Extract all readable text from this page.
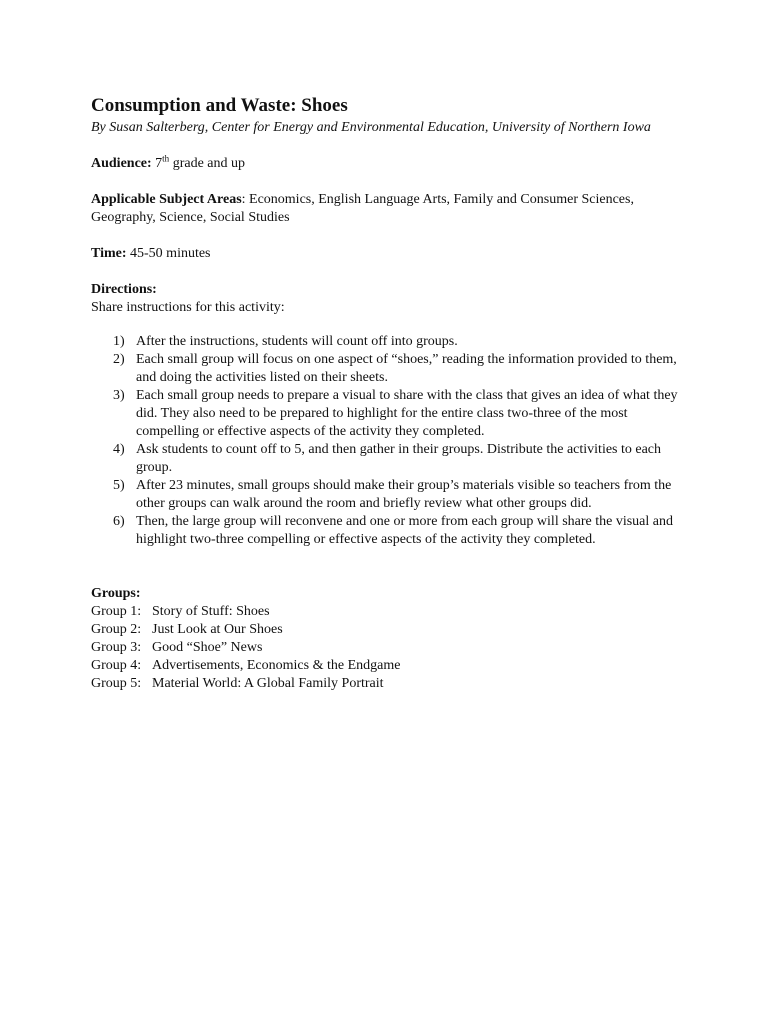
Consumption and Waste: Shoes

By Susan Salterberg, Center for Energy and Environmental Education, University of Northern Iowa

Audience: 7th grade and up

Applicable Subject Areas: Economics, English Language Arts, Family and Consumer Sciences, Geography, Science, Social Studies

Time: 45-50 minutes

Directions:

Share instructions for this activity:

1) After the instructions, students will count off into groups.
2) Each small group will focus on one aspect of “shoes,” reading the information provided to them, and doing the activities listed on their sheets.
3) Each small group needs to prepare a visual to share with the class that gives an idea of what they did. They also need to be prepared to highlight for the entire class two-three of the most compelling or effective aspects of the activity they completed.
4) Ask students to count off to 5, and then gather in their groups. Distribute the activities to each group.
5) After 23 minutes, small groups should make their group’s materials visible so teachers from the other groups can walk around the room and briefly review what other groups did.
6) Then, the large group will reconvene and one or more from each group will share the visual and highlight two-three compelling or effective aspects of the activity they completed.

Groups:

Group 1: Story of Stuff: Shoes

Group 2: Just Look at Our Shoes

Group 3: Good “Shoe” News

Group 4: Advertisements, Economics & the Endgame

Group 5: Material World: A Global Family Portrait
